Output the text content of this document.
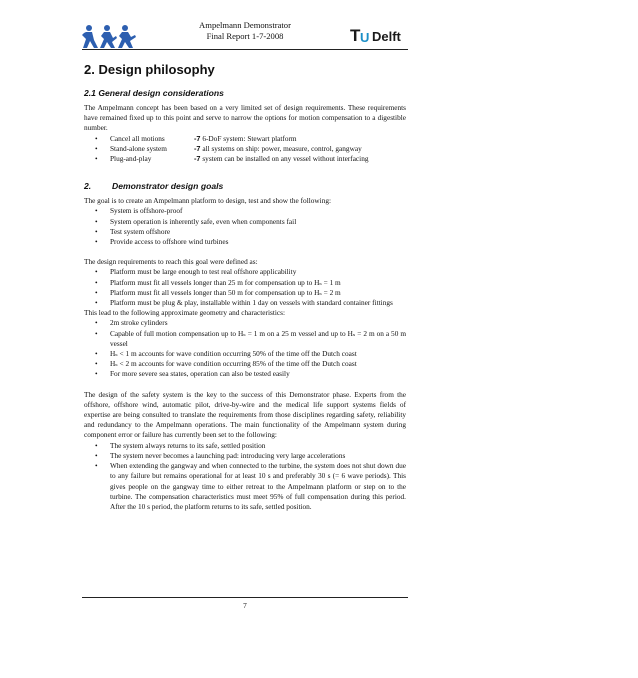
Ampelmann Demonstrator
Final Report 1-7-2008	T U Delft
2. Design philosophy
2.1 General design considerations

The Ampelmann concept has been based on a very limited set of design requirements. These requirements have remained fixed up to this point and serve to narrow the options for motion compensation to a digestible number.

• Cancel all motions	-7 6-DoF system: Stewart platform
• Stand-alone system	-7 all systems on ship: power, measure, control, gangway
• Plug-and-play	-7 system can be installed on any vessel without interfacing
2. Demonstrator design goals

The goal is to create an Ampelmann platform to design, test and show the following:

• System is offshore-proof
• System operation is inherently safe, even when components fail
• Test system offshore
• Provide access to offshore wind turbines

The design requirements to reach this goal were defined as:

• Platform must be large enough to test real offshore applicability
• Platform must fit all vessels longer than 25 m for compensation up to Hₛ = 1 m
• Platform must fit all vessels longer than 50 m for compensation up to Hₛ = 2 m
• Platform must be plug & play, installable within 1 day on vessels with standard container fittings

This lead to the following approximate geometry and characteristics:

• 2m stroke cylinders
• Capable of full motion compensation up to Hₛ = 1 m on a 25 m vessel and up to Hₛ = 2 m on a 50 m vessel
• Hₛ < 1 m accounts for wave condition occurring 50% of the time off the Dutch coast
• Hₛ < 2 m accounts for wave condition occurring 85% of the time off the Dutch coast
• For more severe sea states, operation can also be tested easily

The design of the safety system is the key to the success of this Demonstrator phase. Experts from the offshore, offshore wind, automatic pilot, drive-by-wire and the medical life support systems fields of expertise are being consulted to translate the requirements from those disciplines regarding safety, reliability and redundancy to the Ampelmann operations. The main functionality of the Ampelmann system during component error or failure has currently been set to the following:

• The system always returns to its safe, settled position
• The system never becomes a launching pad: introducing very large accelerations
• When extending the gangway and when connected to the turbine, the system does not shut down due to any failure but remains operational for at least 10 s and preferably 30 s (= 6 wave periods). This gives people on the gangway time to either retreat to the Ampelmann platform or step on to the turbine. The compensation characteristics must meet 95% of full compensation during this period. After the 10 s period, the platform returns to its safe, settled position.
7
